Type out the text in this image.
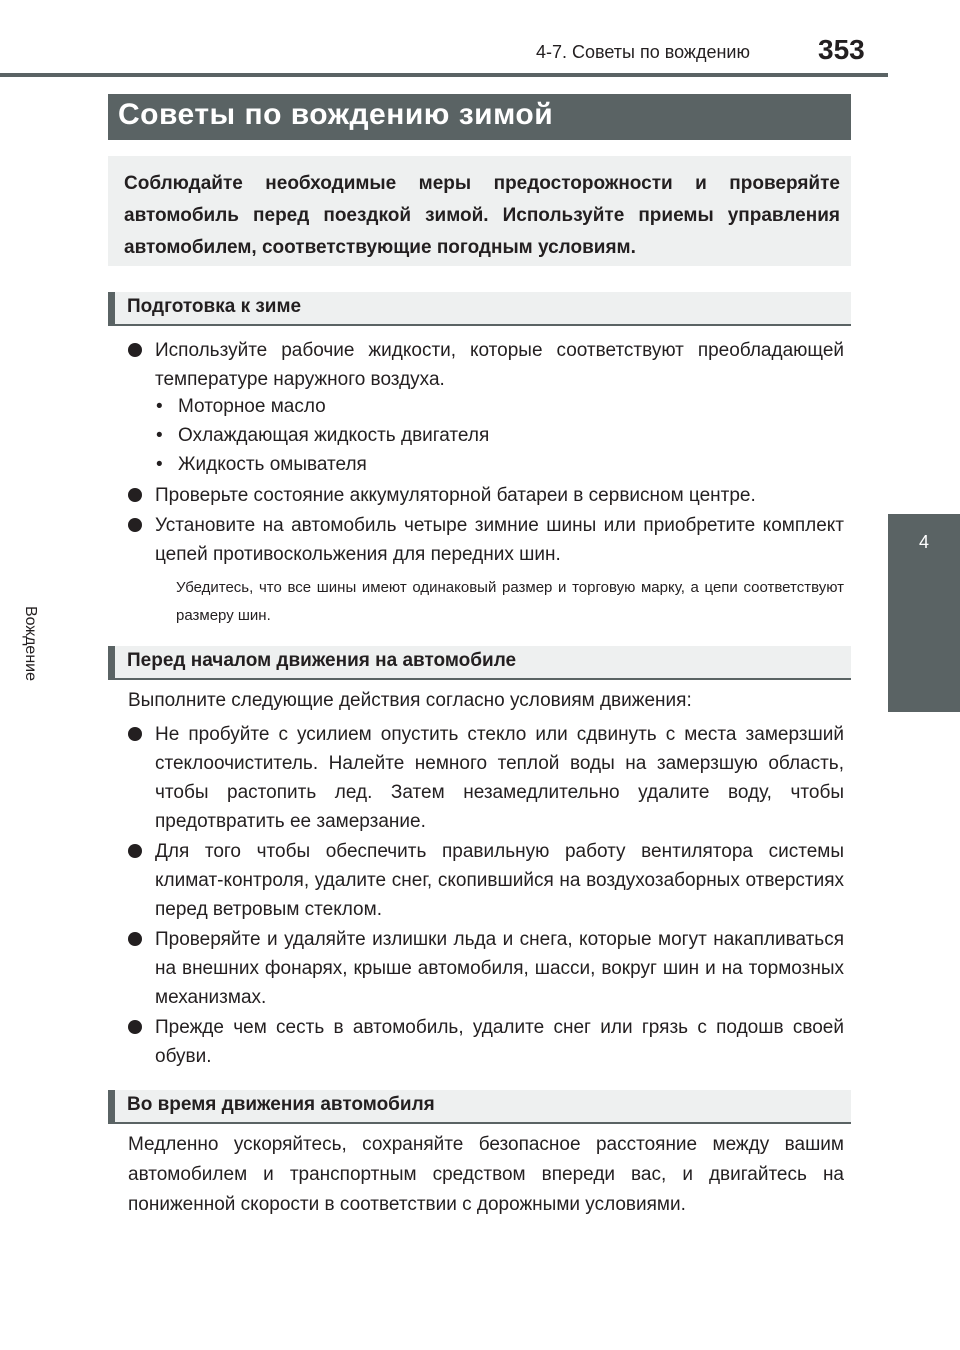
4-7. Советы по вождению 353
4
Вождение
Советы по вождению зимой
Соблюдайте необходимые меры предосторожности и проверяйте автомобиль перед поездкой зимой. Используйте приемы управления автомобилем, соответствующие погодным условиям.
Подготовка к зиме
Используйте рабочие жидкости, которые соответствуют преобладающей температуре наружного воздуха.
• Моторное масло
• Охлаждающая жидкость двигателя
• Жидкость омывателя
Проверьте состояние аккумуляторной батареи в сервисном центре.
Установите на автомобиль четыре зимние шины или приобретите комплект цепей противоскольжения для передних шин.
Убедитесь, что все шины имеют одинаковый размер и торговую марку, а цепи соответствуют размеру шин.
Перед началом движения на автомобиле
Выполните следующие действия согласно условиям движения:
Не пробуйте с усилием опустить стекло или сдвинуть с места замерзший стеклоочиститель. Налейте немного теплой воды на замерзшую область, чтобы растопить лед. Затем незамедлительно удалите воду, чтобы предотвратить ее замерзание.
Для того чтобы обеспечить правильную работу вентилятора системы климат-контроля, удалите снег, скопившийся на воздухозаборных отверстиях перед ветровым стеклом.
Проверяйте и удаляйте излишки льда и снега, которые могут накапливаться на внешних фонарях, крыше автомобиля, шасси, вокруг шин и на тормозных механизмах.
Прежде чем сесть в автомобиль, удалите снег или грязь с подошв своей обуви.
Во время движения автомобиля
Медленно ускоряйтесь, сохраняйте безопасное расстояние между вашим автомобилем и транспортным средством впереди вас, и двигайтесь на пониженной скорости в соответствии с дорожными условиями.
